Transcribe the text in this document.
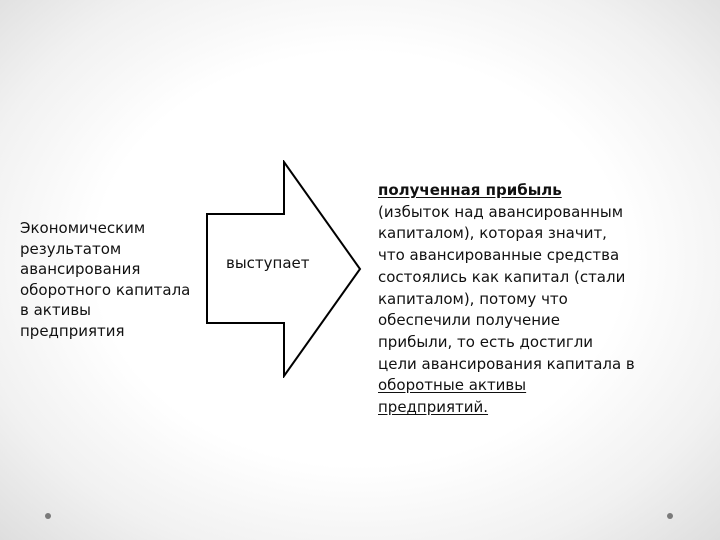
Экономическим
результатом
авансирования
оборотного капитала
в активы
предприятия
выступает
полученная прибыль
(избыток над авансированным
капиталом), которая значит,
что авансированные средства
состоялись как капитал (стали
капиталом), потому что
обеспечили получение
прибыли, то есть достигли
цели авансирования капитала в
оборотные активы
предприятий.
